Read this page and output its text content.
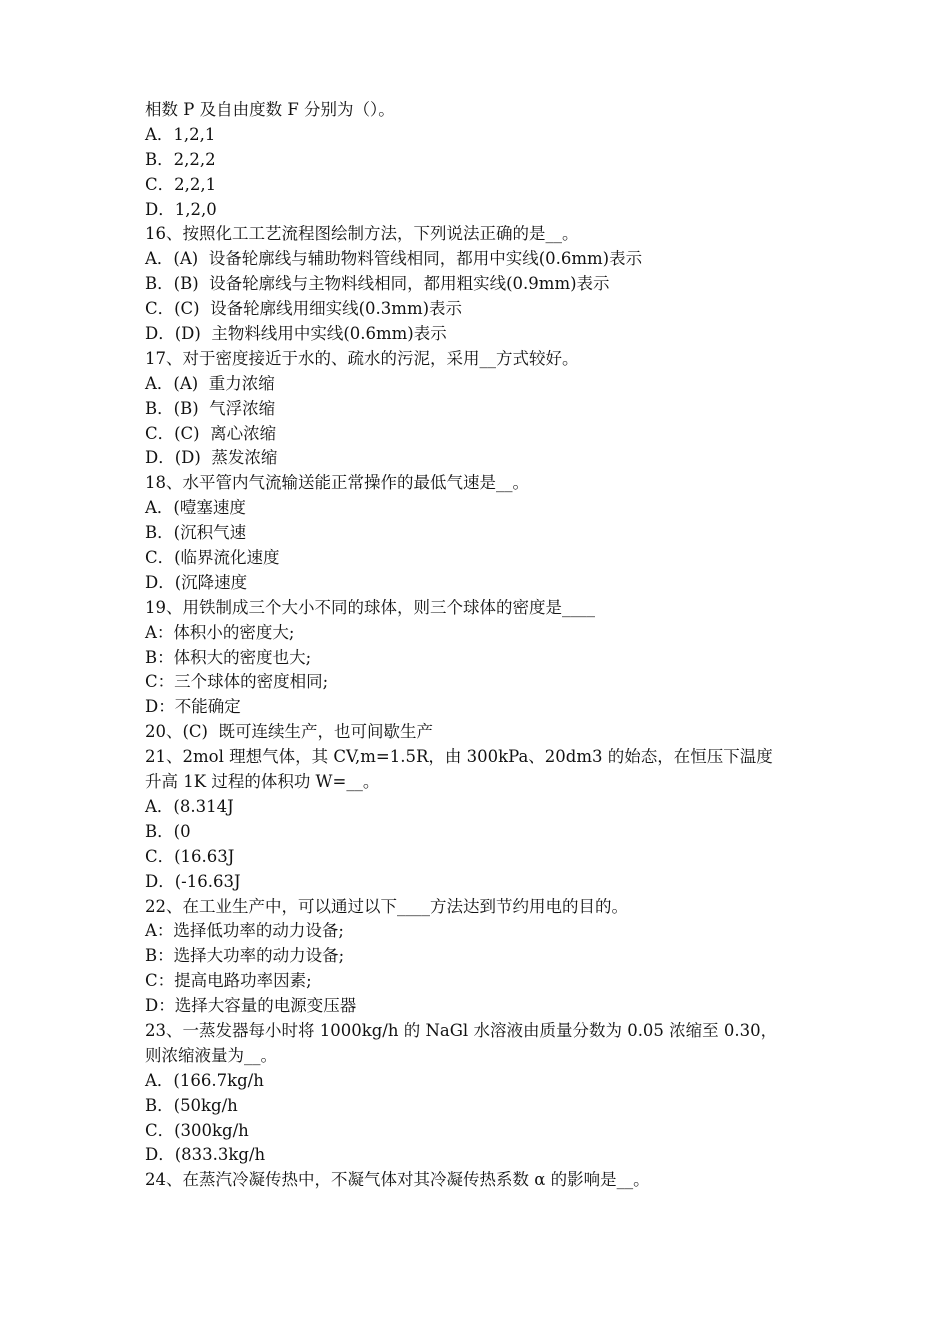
相数 P 及自由度数 F 分别为（）。
A．1,2,1
B．2,2,2
C．2,2,1
D．1,2,0
16、按照化工工艺流程图绘制方法，下列说法正确的是__。
A．(A)  设备轮廓线与辅助物料管线相同，都用中实线(0.6mm)表示
B．(B)  设备轮廓线与主物料线相同，都用粗实线(0.9mm)表示
C．(C)  设备轮廓线用细实线(0.3mm)表示
D．(D)  主物料线用中实线(0.6mm)表示
17、对于密度接近于水的、疏水的污泥，采用__方式较好。
A．(A)  重力浓缩
B．(B)  气浮浓缩
C．(C)  离心浓缩
D．(D)  蒸发浓缩
18、水平管内气流输送能正常操作的最低气速是__。
A．(噎塞速度
B．(沉积气速
C．(临界流化速度
D．(沉降速度
19、用铁制成三个大小不同的球体，则三个球体的密度是____
A：体积小的密度大;
B：体积大的密度也大;
C：三个球体的密度相同;
D：不能确定
20、(C)  既可连续生产，也可间歇生产
21、2mol 理想气体，其 CV,m=1.5R，由 300kPa、20dm3 的始态，在恒压下温度
升高 1K 过程的体积功 W=__。
A．(8.314J
B．(0
C．(16.63J
D．(-16.63J
22、在工业生产中，可以通过以下____方法达到节约用电的目的。
A：选择低功率的动力设备;
B：选择大功率的动力设备;
C：提高电路功率因素;
D：选择大容量的电源变压器
23、一蒸发器每小时将 1000kg/h 的 NaGl 水溶液由质量分数为 0.05 浓缩至 0.30，
则浓缩液量为__。
A．(166.7kg/h
B．(50kg/h
C．(300kg/h
D．(833.3kg/h
24、在蒸汽冷凝传热中，不凝气体对其冷凝传热系数 α 的影响是__。
